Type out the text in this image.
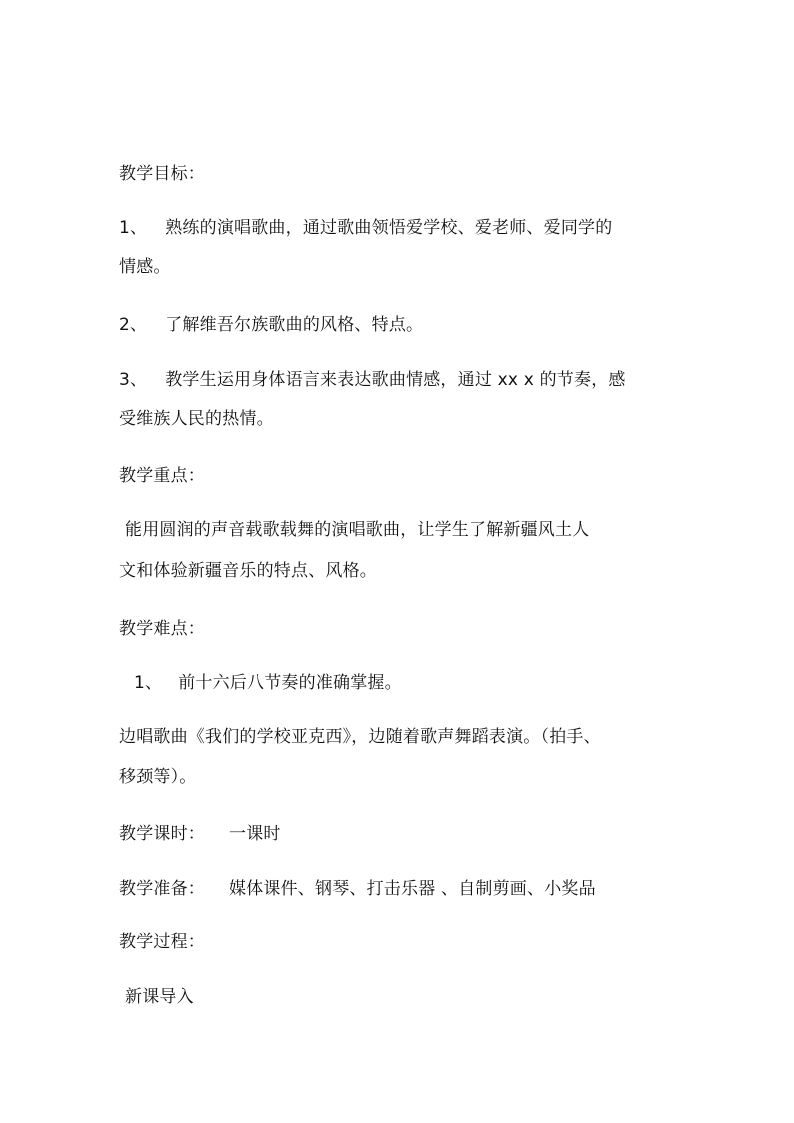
教学目标：
1、 熟练的演唱歌曲，通过歌曲领悟爱学校、爱老师、爱同学的
情感。
2、 了解维吾尔族歌曲的风格、特点。
3、 教学生运用身体语言来表达歌曲情感，通过 xx x 的节奏，感
受维族人民的热情。
教学重点：
能用圆润的声音载歌载舞的演唱歌曲，让学生了解新疆风土人
文和体验新疆音乐的特点、风格。
教学难点：
1、 前十六后八节奏的准确掌握。
边唱歌曲《我们的学校亚克西》，边随着歌声舞蹈表演。（拍手、
移颈等）。
教学课时： 一课时
教学准备： 媒体课件、钢琴、打击乐器 、自制剪画、小奖品
教学过程：
新课导入
